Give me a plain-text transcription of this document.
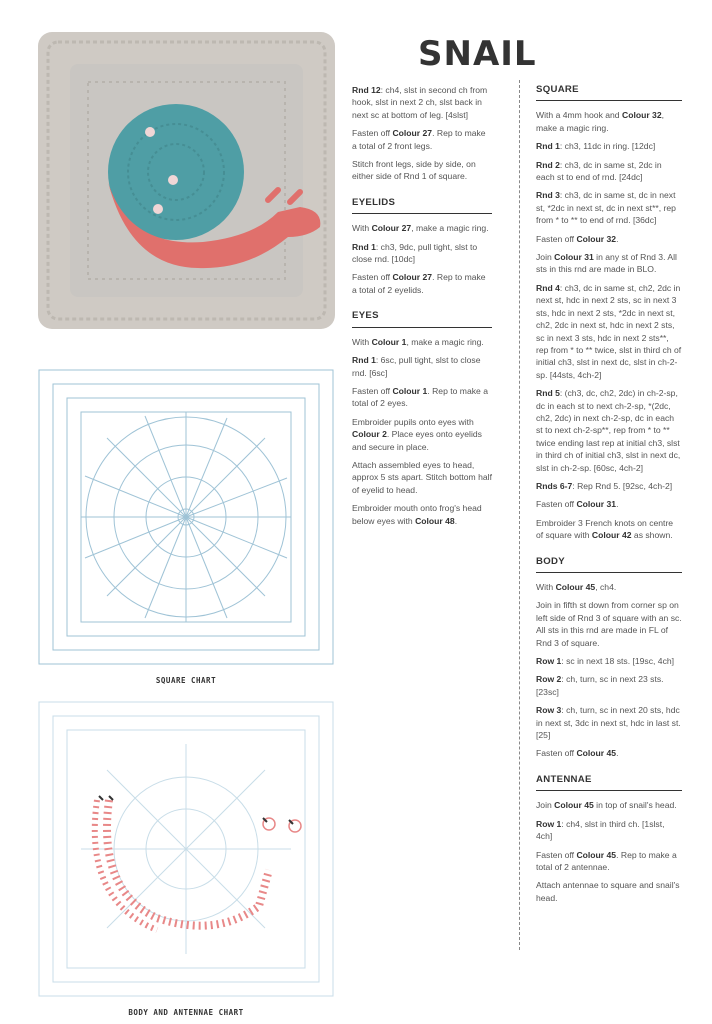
SNAIL
SQUARE CHART
BODY AND ANTENNAE CHART

Rnd 12: ch4, slst in second ch from hook, slst in next 2 ch, slst back in next sc at bottom of leg. [4slst]

Fasten off Colour 27. Rep to make a total of 2 front legs.

Stitch front legs, side by side, on either side of Rnd 1 of square.

EYELIDS

With Colour 27, make a magic ring.

Rnd 1: ch3, 9dc, pull tight, slst to close rnd. [10dc]

Fasten off Colour 27. Rep to make a total of 2 eyelids.

EYES

With Colour 1, make a magic ring.

Rnd 1: 6sc, pull tight, slst to close rnd. [6sc]

Fasten off Colour 1. Rep to make a total of 2 eyes.

Embroider pupils onto eyes with Colour 2. Place eyes onto eyelids and secure in place.

Attach assembled eyes to head, approx 5 sts apart. Stitch bottom half of eyelid to head.

Embroider mouth onto frog's head below eyes with Colour 48.

SQUARE

With a 4mm hook and Colour 32, make a magic ring.

Rnd 1: ch3, 11dc in ring. [12dc]

Rnd 2: ch3, dc in same st, 2dc in each st to end of rnd. [24dc]

Rnd 3: ch3, dc in same st, dc in next st, *2dc in next st, dc in next st**, rep from * to ** to end of rnd. [36dc]

Fasten off Colour 32.

Join Colour 31 in any st of Rnd 3. All sts in this rnd are made in BLO.

Rnd 4: ch3, dc in same st, ch2, 2dc in next st, hdc in next 2 sts, sc in next 3 sts, hdc in next 2 sts, *2dc in next st, ch2, 2dc in next st, hdc in next 2 sts, sc in next 3 sts, hdc in next 2 sts**, rep from * to ** twice, slst in third ch of initial ch3, slst in next dc, slst in ch-2-sp. [44sts, 4ch-2]

Rnd 5: (ch3, dc, ch2, 2dc) in ch-2-sp, dc in each st to next ch-2-sp, *(2dc, ch2, 2dc) in next ch-2-sp, dc in each st to next ch-2-sp**, rep from * to ** twice ending last rep at initial ch3, slst in third ch of initial ch3, slst in next dc, slst in ch-2-sp. [60sc, 4ch-2]

Rnds 6-7: Rep Rnd 5. [92sc, 4ch-2]

Fasten off Colour 31.

Embroider 3 French knots on centre of square with Colour 42 as shown.

BODY

With Colour 45, ch4.

Join in fifth st down from corner sp on left side of Rnd 3 of square with an sc. All sts in this rnd are made in FL of Rnd 3 of square.

Row 1: sc in next 18 sts. [19sc, 4ch]

Row 2: ch, turn, sc in next 23 sts. [23sc]

Row 3: ch, turn, sc in next 20 sts, hdc in next st, 3dc in next st, hdc in last st. [25]

Fasten off Colour 45.

ANTENNAE

Join Colour 45 in top of snail's head.

Row 1: ch4, slst in third ch. [1slst, 4ch]

Fasten off Colour 45. Rep to make a total of 2 antennae.

Attach antennae to square and snail's head.
